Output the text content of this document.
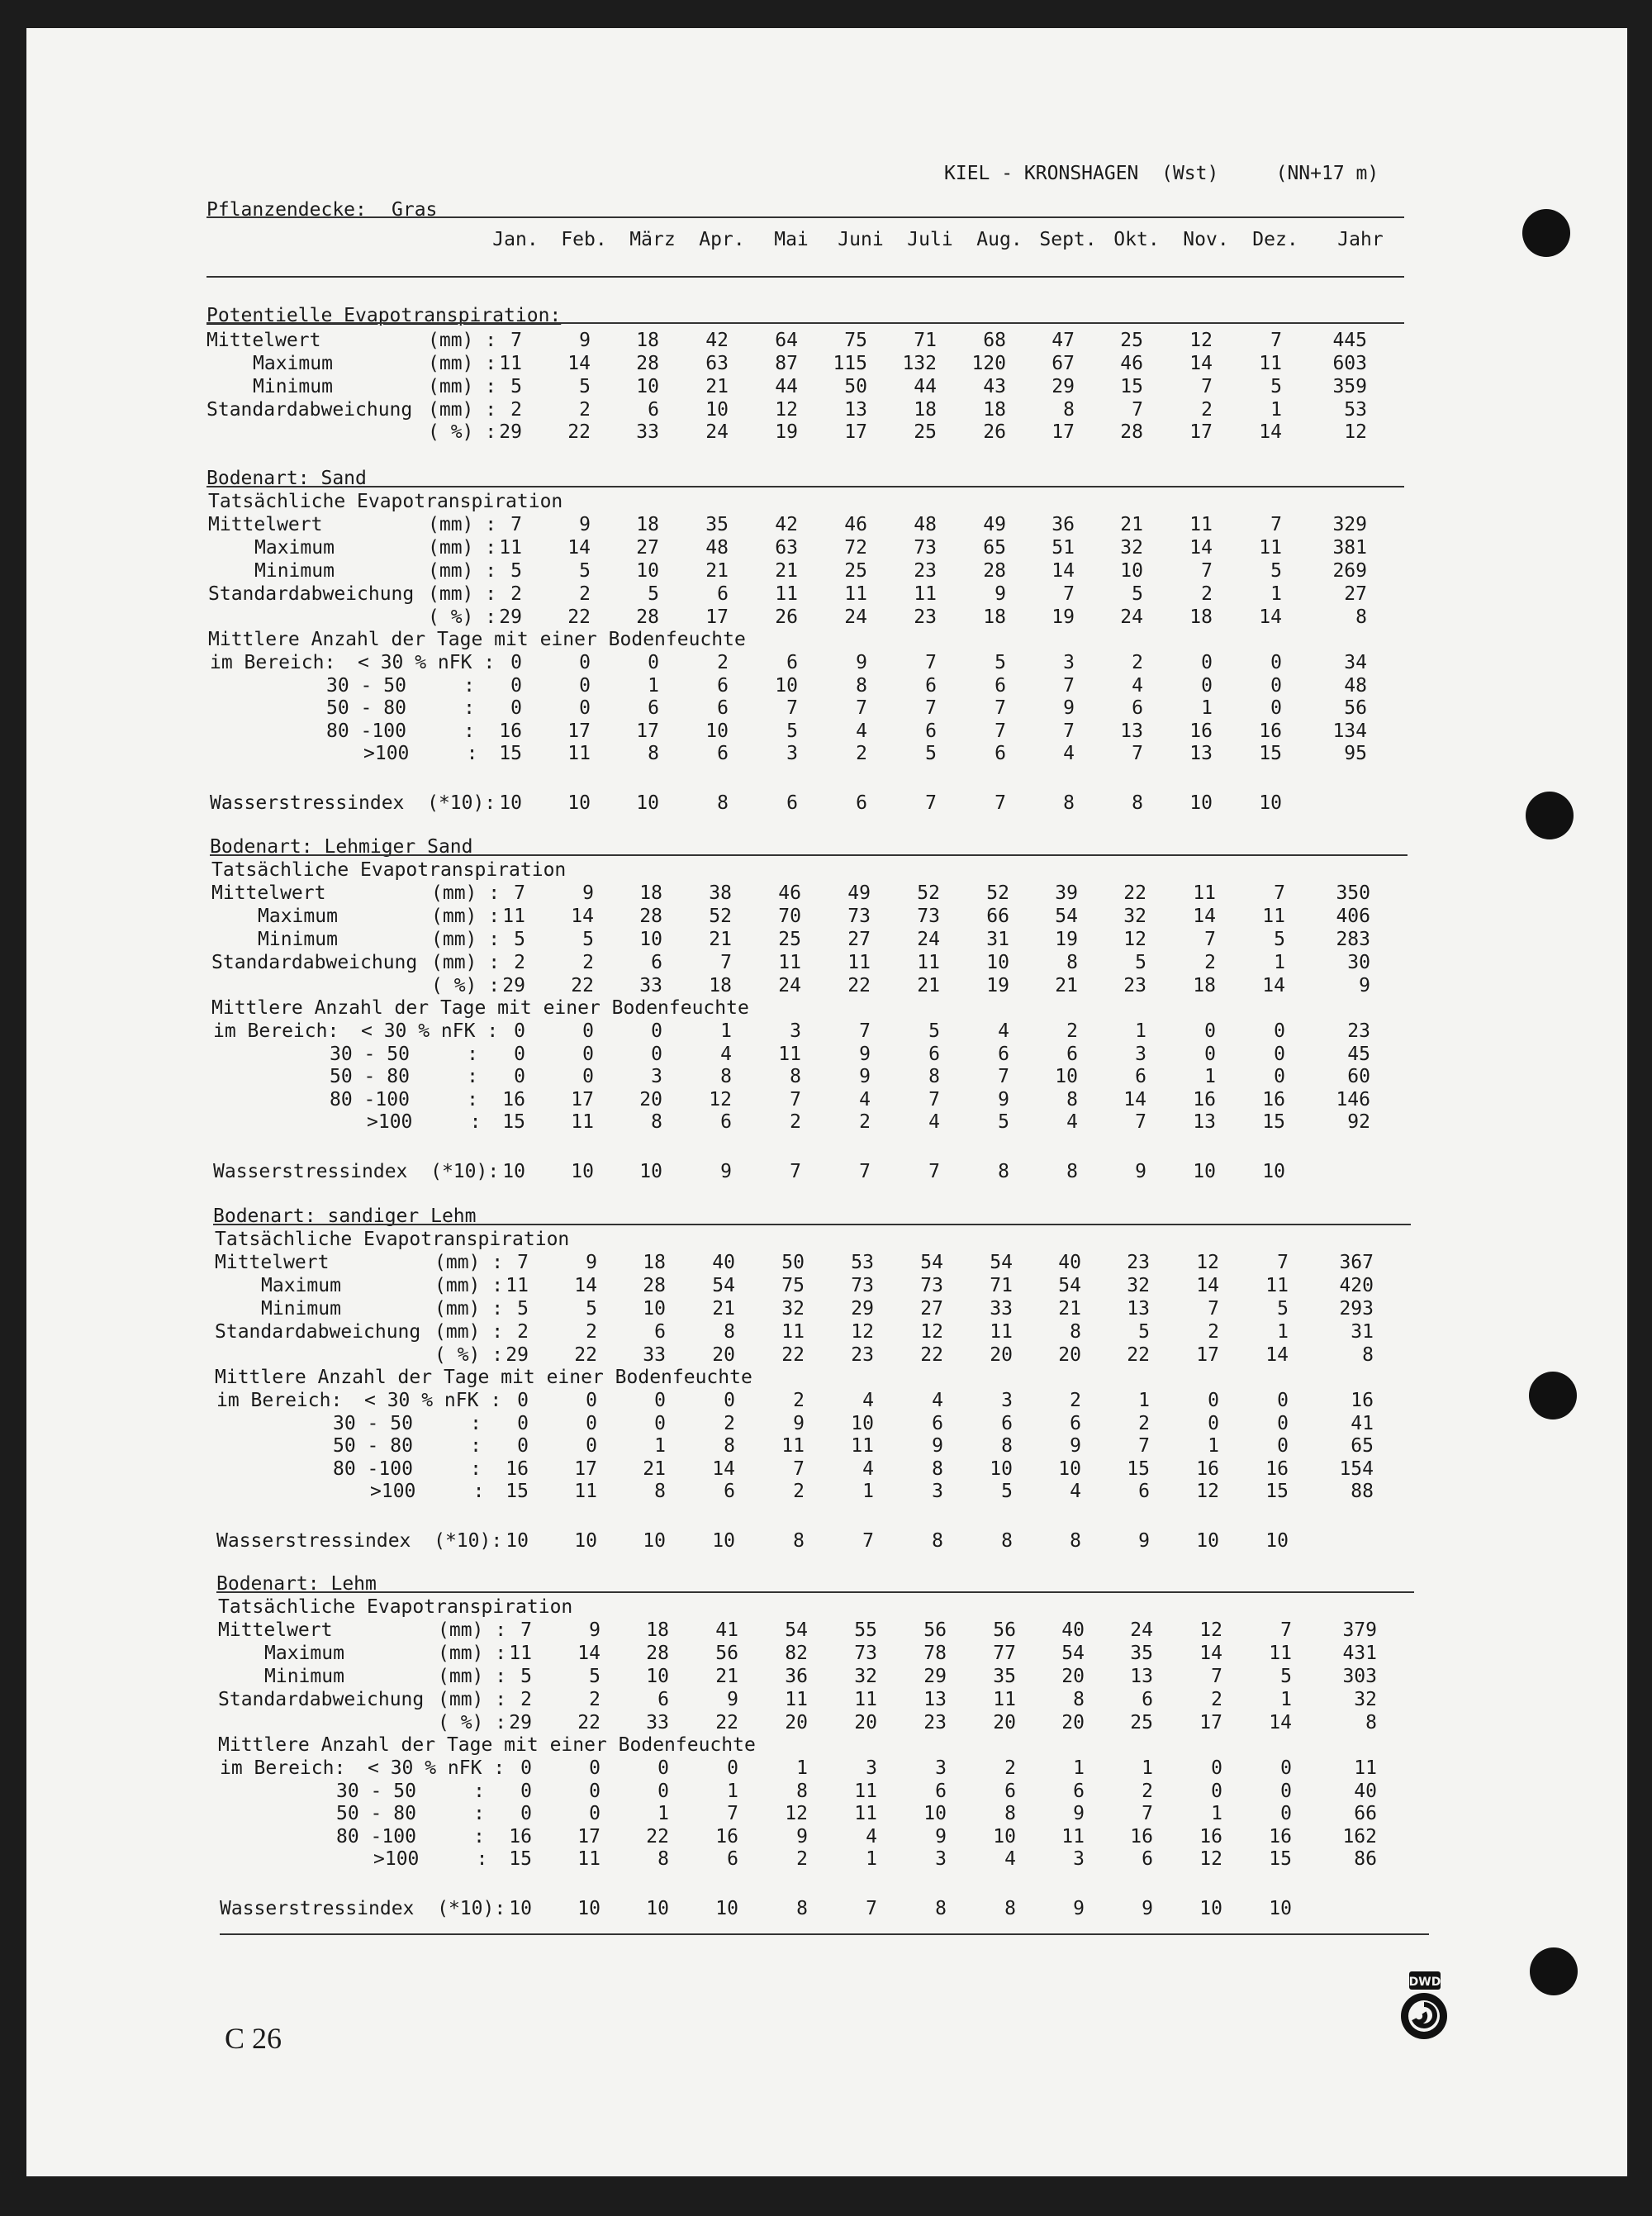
KIEL - KRONSHAGEN (Wst)	(NN+17 m)
Pflanzendecke: Gras
Jan.	Feb.	März	Apr.	Mai	Juni	Juli	Aug. Sept. Okt.	Nov.	Dez.	Jahr
Potentielle Evapotranspiration:
Mittelwert	(mm) : 7	9	18	42	64	75	71	68	47	25	12	7	445
Maximum	(mm) : 11	14	28	63	87	115	132	120	67	46	14	11	603
Minimum	(mm) : 5	5	10	21	44	50	44	43	29	15	7	5	359
Standardabweichung (mm) : 2	2	6	10	12	13	18	18	8	7	2	1	53
( %) : 29	22	33	24	19	17	25	26	17	28	17	14	12
Bodenart: Sand
Tatsächliche Evapotranspiration
Mittelwert	(mm) : 7	9	18	35	42	46	48	49	36	21	11	7	329
Maximum	(mm) : 11	14	27	48	63	72	73	65	51	32	14	11	381
Minimum	(mm) : 5	5	10	21	21	25	23	28	14	10	7	5	269
Standardabweichung (mm) : 2	2	5	6	11	11	11	9	7	5	2	1	27
( %) : 29	22	28	17	26	24	23	18	19	24	18	14	8
Mittlere Anzahl der Tage mit einer Bodenfeuchte
im Bereich: < 30 % nFK : 0	0	0	2	6	9	7	5	3	2	0	0	34
30 - 50     :	0	0	1	6	10	8	6	6	7	4	0	0	48
50 - 80     :	0	0	6	6	7	7	7	7	9	6	1	0	56
80 -100     :	16	17	17	10	5	4	6	7	7	13	16	16	134
>100     :	15	11	8	6	3	2	5	6	4	7	13	15	95
Wasserstressindex  (*10): 10	10	10	8	6	6	7	7	8	8	10	10
Bodenart: Lehmiger Sand
Tatsächliche Evapotranspiration
Mittelwert	(mm) : 7	9	18	38	46	49	52	52	39	22	11	7	350
Maximum	(mm) : 11	14	28	52	70	73	73	66	54	32	14	11	406
Minimum	(mm) : 5	5	10	21	25	27	24	31	19	12	7	5	283
Standardabweichung (mm) : 2	2	6	7	11	11	11	10	8	5	2	1	30
( %) : 29	22	33	18	24	22	21	19	21	23	18	14	9
Mittlere Anzahl der Tage mit einer Bodenfeuchte
im Bereich: < 30 % nFK : 0	0	0	1	3	7	5	4	2	1	0	0	23
30 - 50     :	0	0	0	4	11	9	6	6	6	3	0	0	45
50 - 80     :	0	0	3	8	8	9	8	7	10	6	1	0	60
80 -100     :	16	17	20	12	7	4	7	9	8	14	16	16	146
>100     :	15	11	8	6	2	2	4	5	4	7	13	15	92
Wasserstressindex  (*10): 10	10	10	9	7	7	7	8	8	9	10	10
Bodenart: sandiger Lehm
Tatsächliche Evapotranspiration
Mittelwert	(mm) : 7	9	18	40	50	53	54	54	40	23	12	7	367
Maximum	(mm) : 11	14	28	54	75	73	73	71	54	32	14	11	420
Minimum	(mm) : 5	5	10	21	32	29	27	33	21	13	7	5	293
Standardabweichung (mm) : 2	2	6	8	11	12	12	11	8	5	2	1	31
( %) : 29	22	33	20	22	23	22	20	20	22	17	14	8
Mittlere Anzahl der Tage mit einer Bodenfeuchte
im Bereich: < 30 % nFK : 0	0	0	0	2	4	4	3	2	1	0	0	16
30 - 50     :	0	0	0	2	9	10	6	6	6	2	0	0	41
50 - 80     :	0	0	1	8	11	11	9	8	9	7	1	0	65
80 -100     :	16	17	21	14	7	4	8	10	10	15	16	16	154
>100     :	15	11	8	6	2	1	3	5	4	6	12	15	88
Wasserstressindex  (*10): 10	10	10	10	8	7	8	8	8	9	10	10
Bodenart: Lehm
Tatsächliche Evapotranspiration
Mittelwert	(mm) : 7	9	18	41	54	55	56	56	40	24	12	7	379
Maximum	(mm) : 11	14	28	56	82	73	78	77	54	35	14	11	431
Minimum	(mm) : 5	5	10	21	36	32	29	35	20	13	7	5	303
Standardabweichung (mm) : 2	2	6	9	11	11	13	11	8	6	2	1	32
( %) : 29	22	33	22	20	20	23	20	20	25	17	14	8
Mittlere Anzahl der Tage mit einer Bodenfeuchte
im Bereich: < 30 % nFK : 0	0	0	0	1	3	3	2	1	1	0	0	11
30 - 50     :	0	0	0	1	8	11	6	6	6	2	0	0	40
50 - 80     :	0	0	1	7	12	11	10	8	9	7	1	0	66
80 -100     :	16	17	22	16	9	4	9	10	11	16	16	16	162
>100     :	15	11	8	6	2	1	3	4	3	6	12	15	86
Wasserstressindex  (*10): 10	10	10	10	8	7	8	8	9	9	10	10
C 26
DWD
